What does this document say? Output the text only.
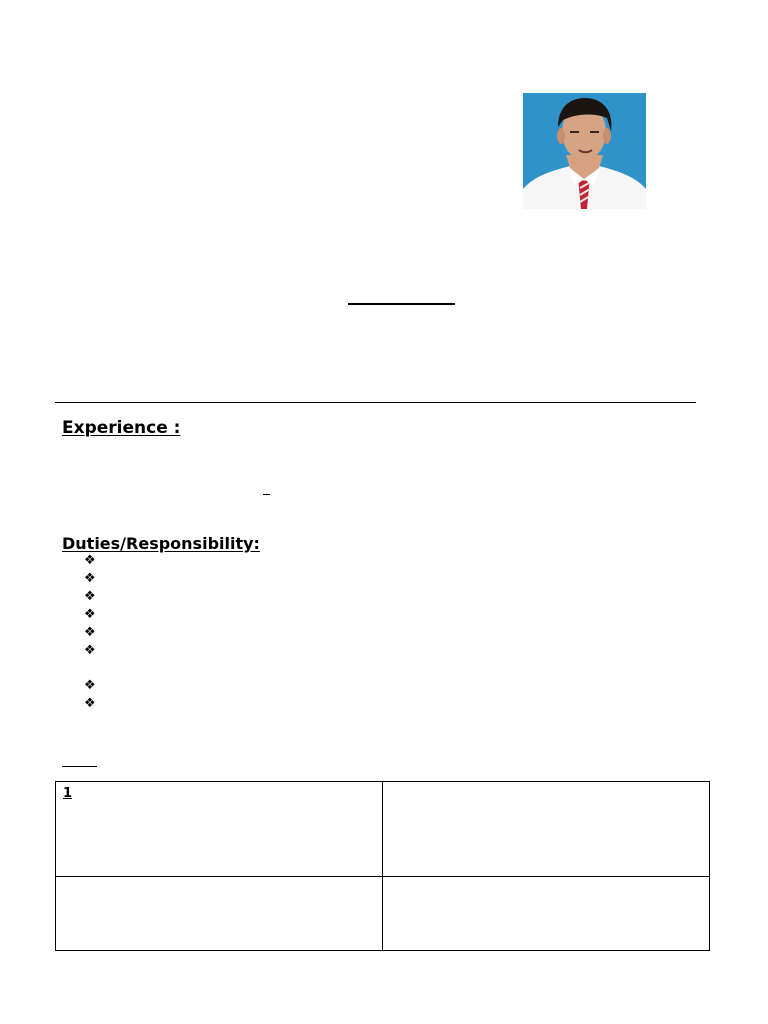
Experience :
Duties/Responsibility:
❖
❖
❖
❖
❖
❖
❖
❖
1	
